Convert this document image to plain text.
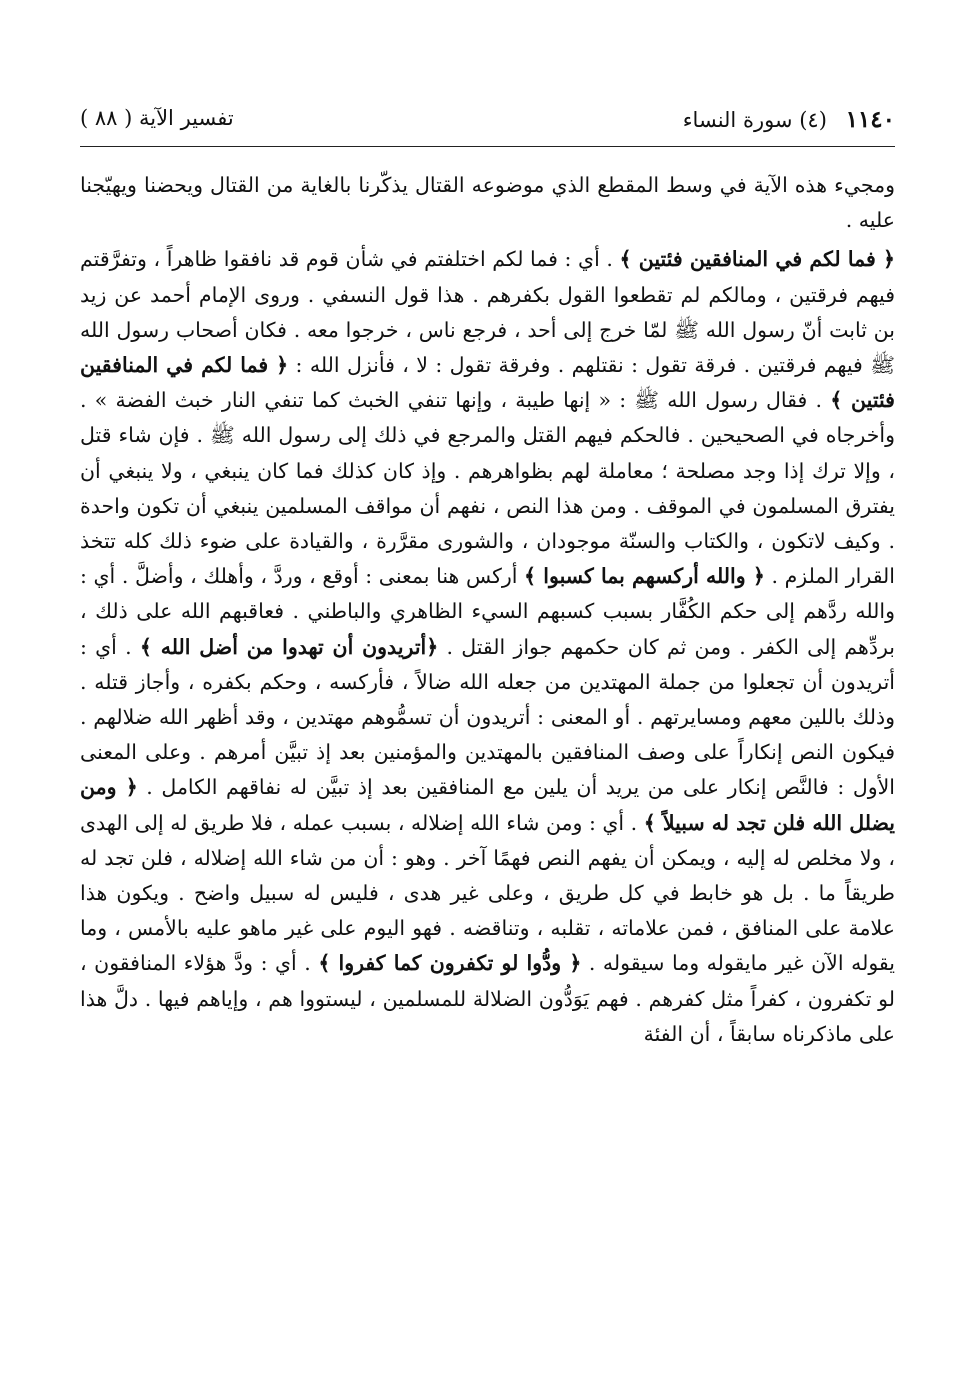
١١٤٠ (٤) سورة النساء
تفسير الآية ( ٨٨ )

ومجيء هذه الآية في وسط المقطع الذي موضوعه القتال يذكّرنا بالغاية من القتال ويحضنا ويهيّجنا عليه .

﴿ فما لكم في المنافقين فئتين ﴾ . أي : فما لكم اختلفتم في شأن قوم قد نافقوا ظاهراً ، وتفرَّقتم فيهم فرقتين ، ومالكم لم تقطعوا القول بكفرهم . هذا قول النسفي . وروى الإمام أحمد عن زيد بن ثابت أنّ رسول الله ﷺ لمّا خرج إلى أحد ، فرجع ناس ، خرجوا معه . فكان أصحاب رسول الله ﷺ فيهم فرقتين . فرقة تقول : نقتلهم . وفرقة تقول : لا ، فأنزل الله : ﴿ فما لكم في المنافقين فئتين ﴾ . فقال رسول الله ﷺ : « إنها طيبة ، وإنها تنفي الخبث كما تنفي النار خبث الفضة » . وأخرجاه في الصحيحين . فالحكم فيهم القتل والمرجع في ذلك إلى رسول الله ﷺ . فإن شاء قتل ، وإلا ترك إذا وجد مصلحة ؛ معاملة لهم بظواهرهم . وإذ كان كذلك فما كان ينبغي ، ولا ينبغي أن يفترق المسلمون في الموقف . ومن هذا النص ، نفهم أن مواقف المسلمين ينبغي أن تكون واحدة . وكيف لاتكون ، والكتاب والسنّة موجودان ، والشورى مقرَّرة ، والقيادة على ضوء ذلك كله تتخذ القرار الملزم . ﴿ والله أركسهم بما كسبوا ﴾ أركس هنا بمعنى : أوقع ، وردَّ ، وأهلك ، وأضلَّ . أي : والله ردَّهم إلى حكم الكُفَّار بسبب كسبهم السيء الظاهري والباطني . فعاقبهم الله على ذلك ، بردِّهم إلى الكفر . ومن ثم كان حكمهم جواز القتل . ﴿أتريدون أن تهدوا من أضل الله ﴾ . أي : أتريدون أن تجعلوا من جملة المهتدين من جعله الله ضالاً ، فأركسه ، وحكم بكفره ، وأجاز قتله . وذلك باللين معهم ومسايرتهم . أو المعنى : أتريدون أن تسمُّوهم مهتدين ، وقد أظهر الله ضلالهم . فيكون النص إنكاراً على وصف المنافقين بالمهتدين والمؤمنين بعد إذ تبيَّن أمرهم . وعلى المعنى الأول : فالنَّص إنكار على من يريد أن يلين مع المنافقين بعد إذ تبيَّن له نفاقهم الكامل . ﴿ ومن يضلل الله فلن تجد له سبيلاً ﴾ . أي : ومن شاء الله إضلاله ، بسبب عمله ، فلا طريق له إلى الهدى ، ولا مخلص له إليه ، ويمكن أن يفهم النص فهمًا آخر . وهو : أن من شاء الله إضلاله ، فلن تجد له طريقاً ما . بل هو خابط في كل طريق ، وعلى غير هدى ، فليس له سبيل واضح . ويكون هذا علامة على المنافق ، فمن علاماته ، تقلبه ، وتناقضه . فهو اليوم على غير ماهو عليه بالأمس ، وما يقوله الآن غير مايقوله وما سيقوله . ﴿ ودُّوا لو تكفرون كما كفروا ﴾ . أي : ودَّ هؤلاء المنافقون ، لو تكفرون ، كفراً مثل كفرهم . فهم يَوَدُّون الضلالة للمسلمين ، ليستووا هم ، وإياهم فيها . دلَّ هذا على ماذكرناه سابقاً ، أن الفئة
